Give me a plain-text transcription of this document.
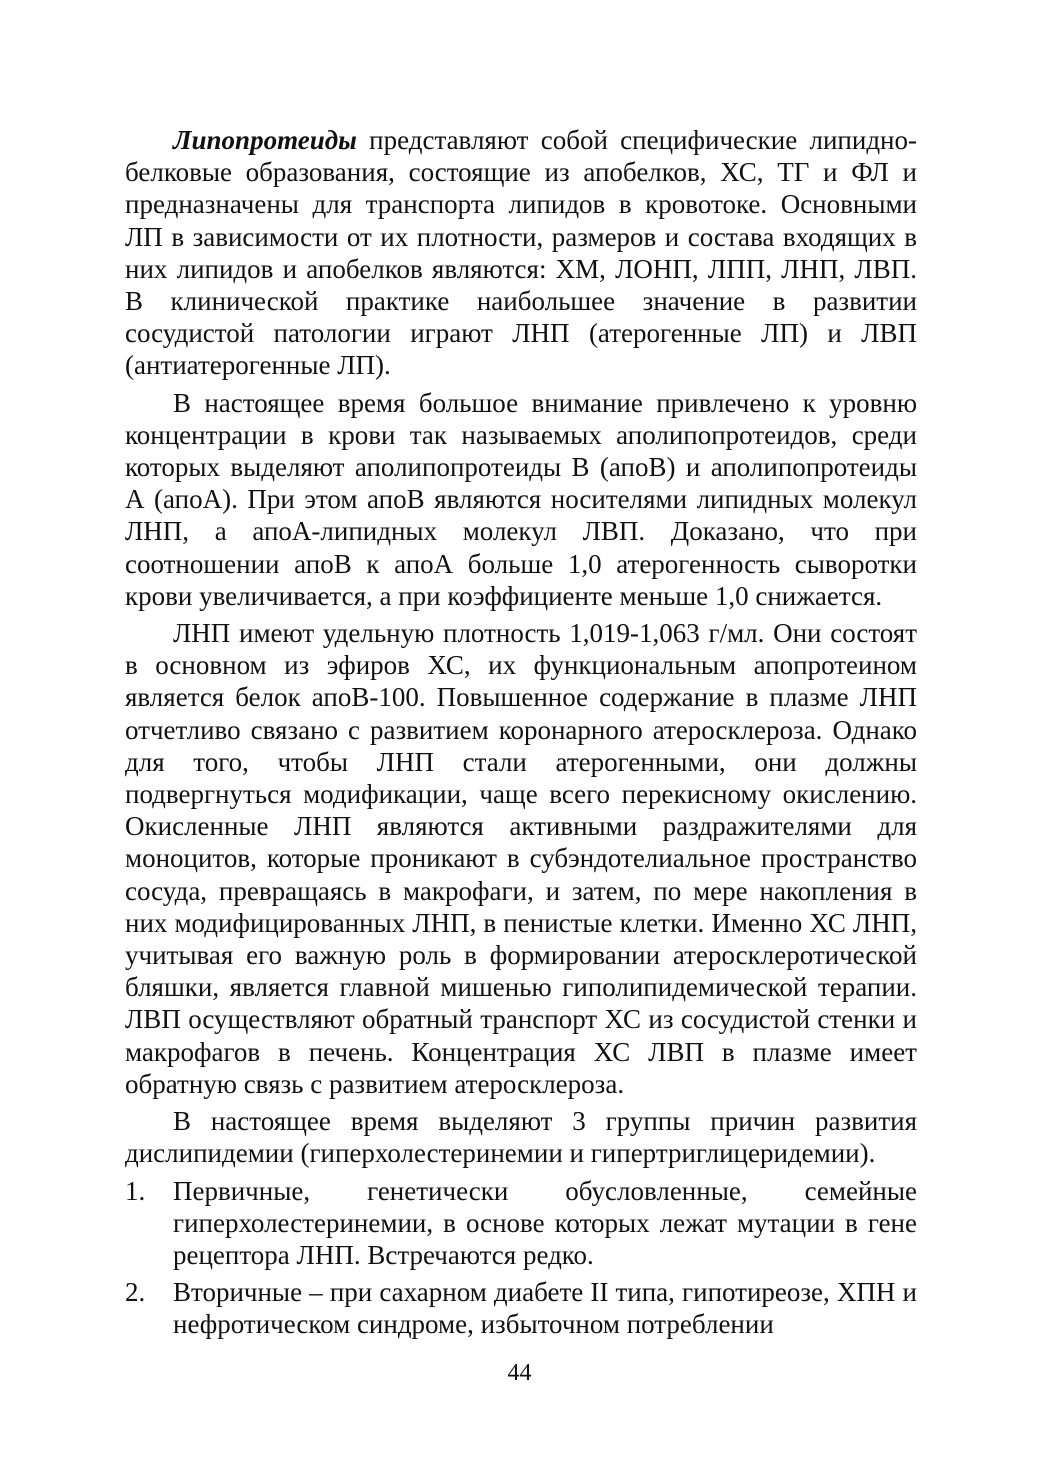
Липопротеиды представляют собой специфические липидно-белковые образования, состоящие из апобелков, ХС, ТГ и ФЛ и предназначены для транспорта липидов в кровотоке. Основными ЛП в зависимости от их плотности, размеров и состава входящих в них липидов и апобелков являются: ХМ, ЛОНП, ЛПП, ЛНП, ЛВП. В клинической практике наибольшее значение в развитии сосудистой патологии играют ЛНП (атерогенные ЛП) и ЛВП (антиатерогенные ЛП).

В настоящее время большое внимание привлечено к уровню концентрации в крови так называемых аполипопротеидов, среди которых выделяют аполипопротеиды В (апоВ) и аполипопротеиды А (апоА). При этом апоВ являются носителями липидных молекул ЛНП, а апоА-липидных молекул ЛВП. Доказано, что при соотношении апоВ к апоА больше 1,0 атерогенность сыворотки крови увеличивается, а при коэффициенте меньше 1,0 снижается.

ЛНП имеют удельную плотность 1,019-1,063 г/мл. Они состоят в основном из эфиров ХС, их функциональным апопротеином является белок апоВ-100. Повышенное содержание в плазме ЛНП отчетливо связано с развитием коронарного атеросклероза. Однако для того, чтобы ЛНП стали атерогенными, они должны подвергнуться модификации, чаще всего перекисному окислению. Окисленные ЛНП являются активными раздражителями для моноцитов, которые проникают в субэндотелиальное пространство сосуда, превращаясь в макрофаги, и затем, по мере накопления в них модифицированных ЛНП, в пенистые клетки. Именно ХС ЛНП, учитывая его важную роль в формировании атеросклеротической бляшки, является главной мишенью гиполипидемической терапии. ЛВП осуществляют обратный транспорт ХС из сосудистой стенки и макрофагов в печень. Концентрация ХС ЛВП в плазме имеет обратную связь с развитием атеросклероза.

В настоящее время выделяют 3 группы причин развития дислипидемии (гиперхолестеринемии и гипертриглицеридемии).

1.	Первичные, генетически обусловленные, семейные гиперхолестеринемии, в основе которых лежат мутации в гене рецептора ЛНП. Встречаются редко.
2.	Вторичные – при сахарном диабете II типа, гипотиреозе, ХПН и нефротическом синдроме, избыточном потреблении
44
